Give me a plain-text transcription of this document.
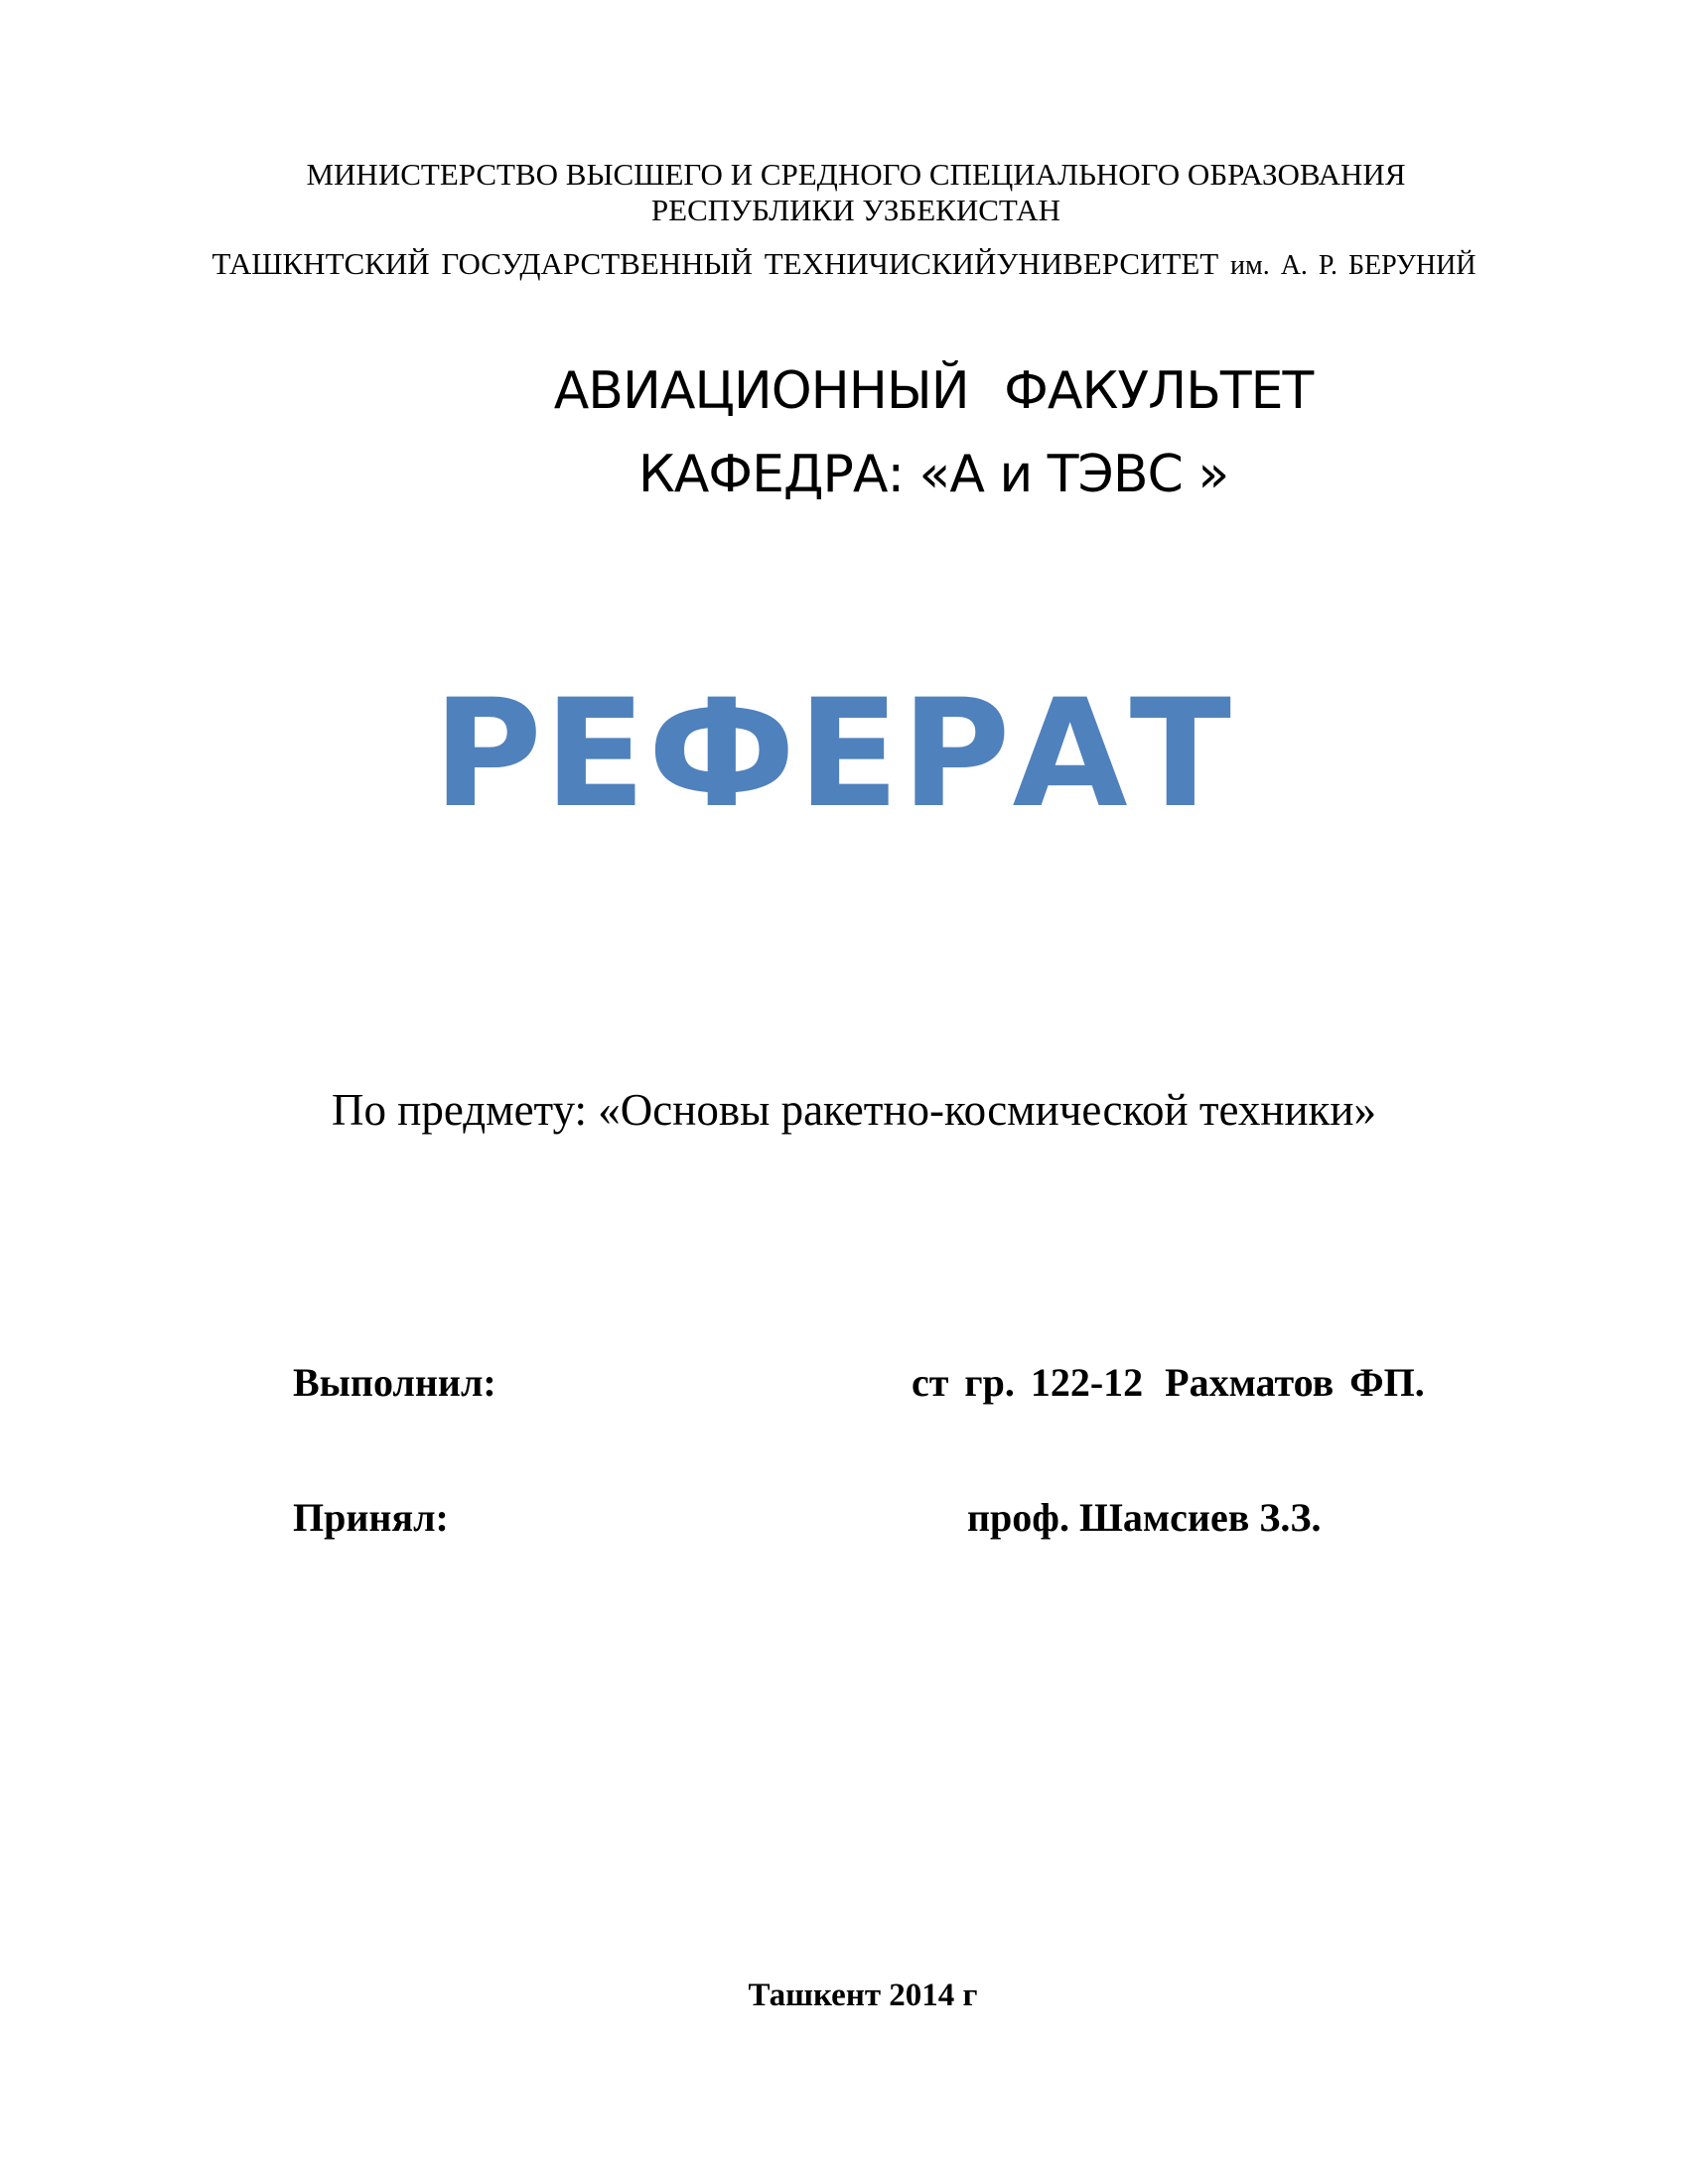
МИНИСТЕРСТВО ВЫСШЕГО И СРЕДНОГО СПЕЦИАЛЬНОГО ОБРАЗОВАНИЯ
РЕСПУБЛИКИ УЗБЕКИСТАН
ТАШКНТСКИЙ ГОСУДАРСТВЕННЫЙ ТЕХНИЧИСКИЙУНИВЕРСИТЕТ им. А. Р. БЕРУНИЙ
АВИАЦИОННЫЙ ФАКУЛЬТЕТ
КАФЕДРА: «А и ТЭВС »
РЕФЕРАТ
По предмету: «Основы ракетно-космической техники»
Выполнил:	ст гр. 122-12 Рахматов ФП.
Принял:	проф. Шамсиев З.З.
Ташкент 2014 г
